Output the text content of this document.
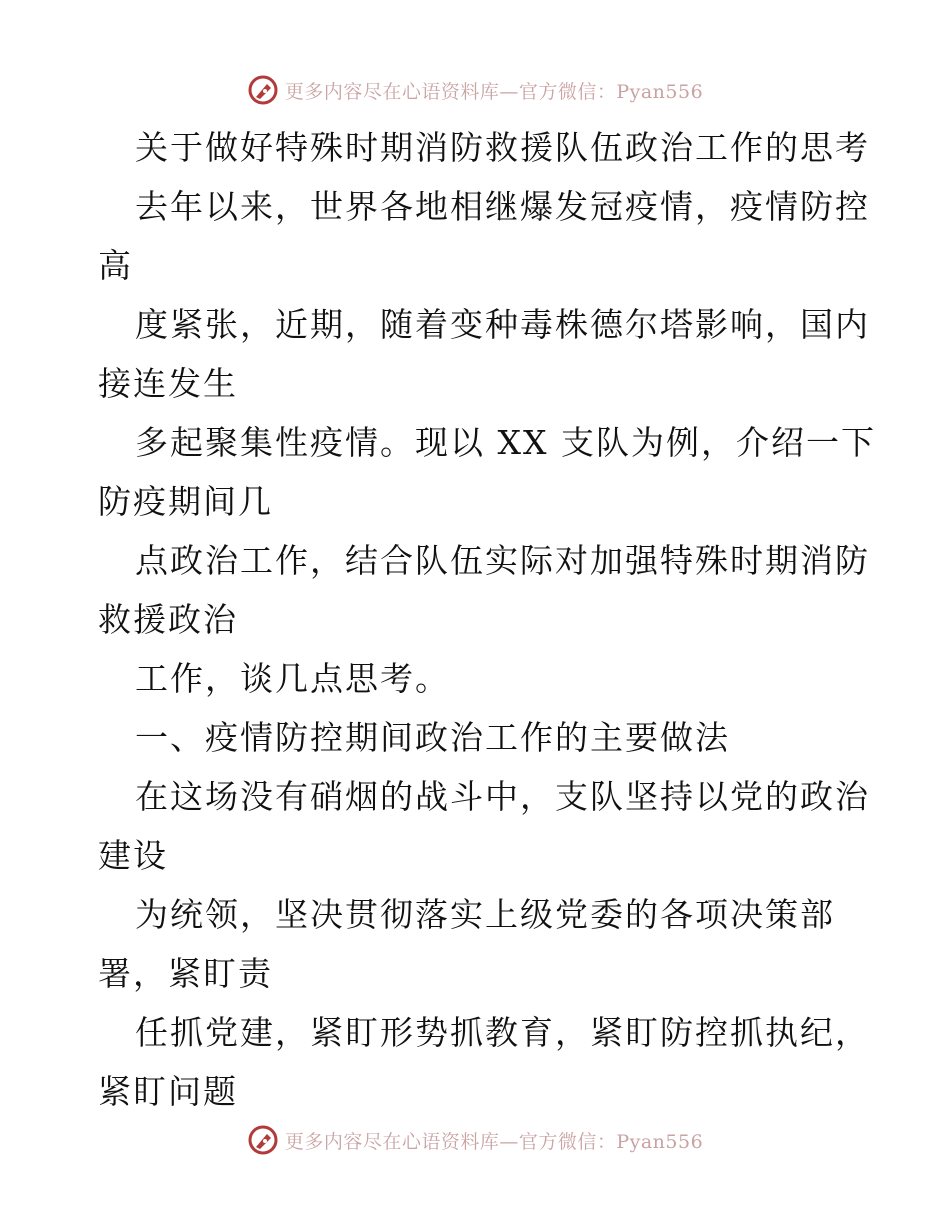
更多内容尽在心语资料库—官方微信：Pyan556
关于做好特殊时期消防救援队伍政治工作的思考
去年以来，世界各地相继爆发冠疫情，疫情防控
高
度紧张，近期，随着变种毒株德尔塔影响，国内
接连发生
多起聚集性疫情。现以 XX 支队为例，介绍一下
防疫期间几
点政治工作，结合队伍实际对加强特殊时期消防
救援政治
工作，谈几点思考。
一、疫情防控期间政治工作的主要做法
在这场没有硝烟的战斗中，支队坚持以党的政治
建设
为统领，坚决贯彻落实上级党委的各项决策部
署，紧盯责
任抓党建，紧盯形势抓教育，紧盯防控抓执纪，
紧盯问题
更多内容尽在心语资料库—官方微信：Pyan556
